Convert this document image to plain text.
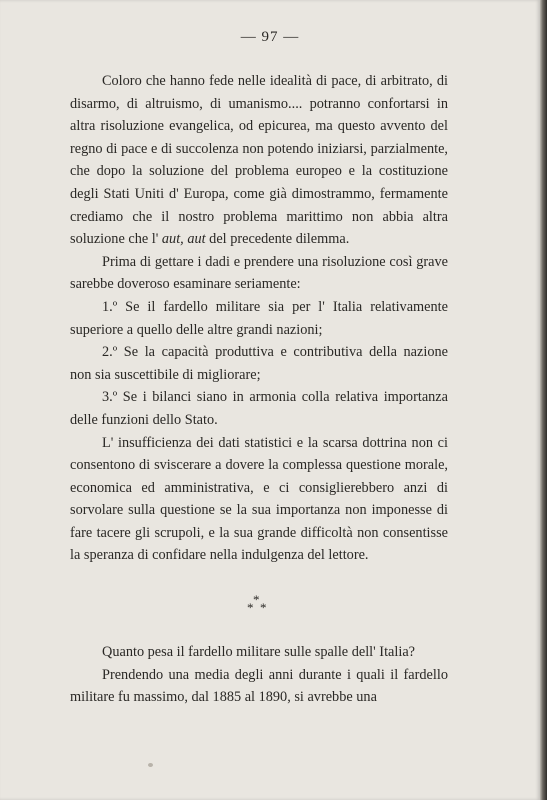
— 97 —

Coloro che hanno fede nelle idealità di pace, di arbitrato, di disarmo, di altruismo, di umanismo.... potranno confortarsi in altra risoluzione evangelica, od epicurea, ma questo avvento del regno di pace e di succolenza non potendo iniziarsi, parzialmente, che dopo la soluzione del problema europeo e la costituzione degli Stati Uniti d' Europa, come già dimostrammo, fermamente crediamo che il nostro problema marittimo non abbia altra soluzione che l' aut, aut del precedente dilemma.

Prima di gettare i dadi e prendere una risoluzione così grave sarebbe doveroso esaminare seriamente:

1.º Se il fardello militare sia per l' Italia relativamente superiore a quello delle altre grandi nazioni;

2.º Se la capacità produttiva e contributiva della nazione non sia suscettibile di migliorare;

3.º Se i bilanci siano in armonia colla relativa importanza delle funzioni dello Stato.

L' insufficienza dei dati statistici e la scarsa dottrina non ci consentono di sviscerare a dovere la complessa questione morale, economica ed amministrativa, e ci consiglierebbero anzi di sorvolare sulla questione se la sua importanza non imponesse di fare tacere gli scrupoli, e la sua grande difficoltà non consentisse la speranza di confidare nella indulgenza del lettore.

*
* *

Quanto pesa il fardello militare sulle spalle dell' Italia?

Prendendo una media degli anni durante i quali il fardello militare fu massimo, dal 1885 al 1890, si avrebbe una
